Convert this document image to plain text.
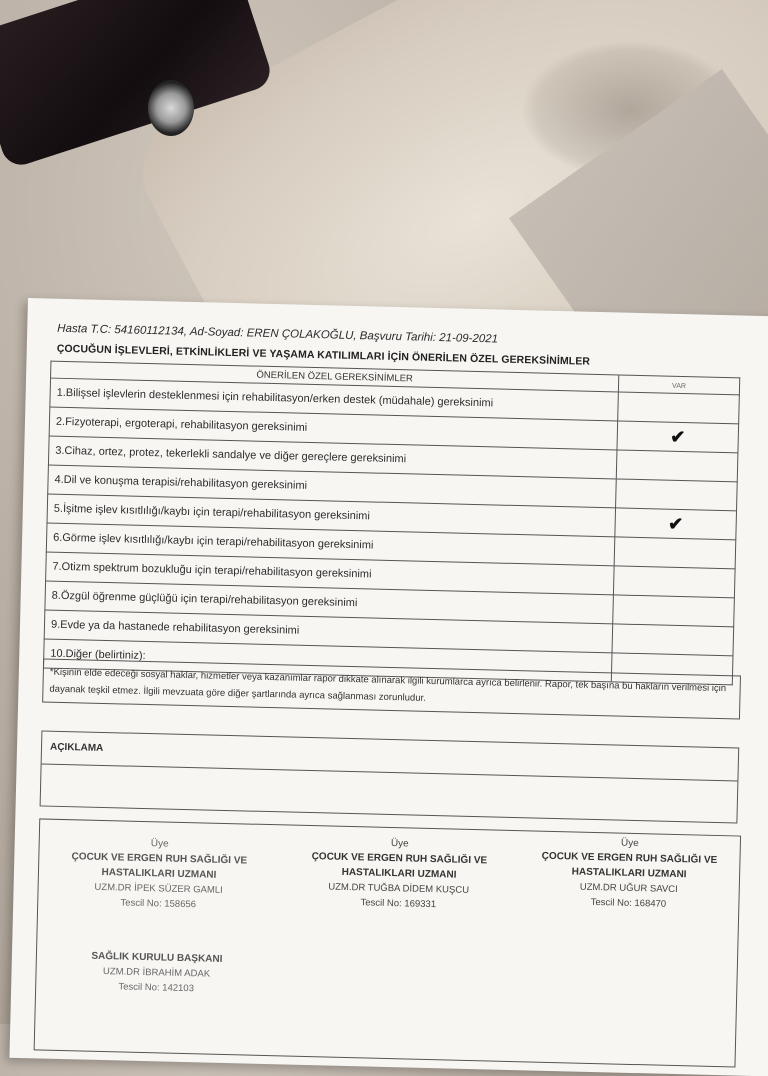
Hasta T.C: 54160112134, Ad-Soyad: EREN ÇOLAKOĞLU, Başvuru Tarihi: 21-09-2021
ÇOCUĞUN İŞLEVLERİ, ETKİNLİKLERİ VE YAŞAMA KATILIMLARI İÇİN ÖNERİLEN ÖZEL GEREKSİNİMLER
ÖNERİLEN ÖZEL GEREKSİNİMLER	VAR
1.Bilişsel işlevlerin desteklenmesi için rehabilitasyon/erken destek (müdahale) gereksinimi	
2.Fizyoterapi, ergoterapi, rehabilitasyon gereksinimi	✔
3.Cihaz, ortez, protez, tekerlekli sandalye ve diğer gereçlere gereksinimi	
4.Dil ve konuşma terapisi/rehabilitasyon gereksinimi	
5.İşitme işlev kısıtlılığı/kaybı için terapi/rehabilitasyon gereksinimi	✔
6.Görme işlev kısıtlılığı/kaybı için terapi/rehabilitasyon gereksinimi	
7.Otizm spektrum bozukluğu için terapi/rehabilitasyon gereksinimi	
8.Özgül öğrenme güçlüğü için terapi/rehabilitasyon gereksinimi	
9.Evde ya da hastanede rehabilitasyon gereksinimi	
10.Diğer (belirtiniz):	
*Kişinin elde edeceği sosyal haklar, hizmetler veya kazanımlar rapor dikkate alınarak ilgili kurumlarca ayrıca belirlenir. Rapor, tek başına bu hakların verilmesi için dayanak teşkil etmez. İlgili mevzuata göre diğer şartlarında ayrıca sağlanması zorunludur.
AÇIKLAMA
Üye
ÇOCUK VE ERGEN RUH SAĞLIĞI VE HASTALIKLARI UZMANI
UZM.DR İPEK SÜZER GAMLI
Tescil No: 158656
Üye
ÇOCUK VE ERGEN RUH SAĞLIĞI VE HASTALIKLARI UZMANI
UZM.DR TUĞBA DİDEM KUŞCU
Tescil No: 169331
Üye
ÇOCUK VE ERGEN RUH SAĞLIĞI VE HASTALIKLARI UZMANI
UZM.DR UĞUR SAVCI
Tescil No: 168470
SAĞLIK KURULU BAŞKANI
UZM.DR İBRAHİM ADAK
Tescil No: 142103
